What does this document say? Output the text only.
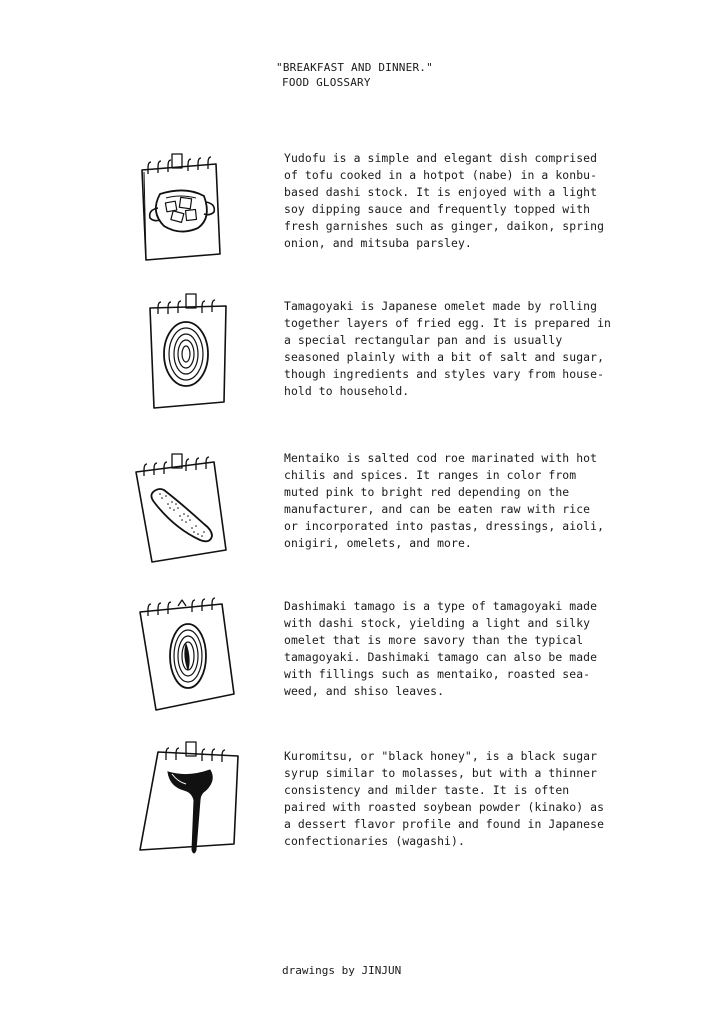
"BREAKFAST AND DINNER."
FOOD GLOSSARY
Yudofu is a simple and elegant dish comprised
of tofu cooked in a hotpot (nabe) in a konbu-
based dashi stock. It is enjoyed with a light
soy dipping sauce and frequently topped with
fresh garnishes such as ginger, daikon, spring
onion, and mitsuba parsley.
Tamagoyaki is Japanese omelet made by rolling
together layers of fried egg. It is prepared in
a special rectangular pan and is usually
seasoned plainly with a bit of salt and sugar,
though ingredients and styles vary from house-
hold to household.
Mentaiko is salted cod roe marinated with hot
chilis and spices. It ranges in color from
muted pink to bright red depending on the
manufacturer, and can be eaten raw with rice
or incorporated into pastas, dressings, aioli,
onigiri, omelets, and more.
Dashimaki tamago is a type of tamagoyaki made
with dashi stock, yielding a light and silky
omelet that is more savory than the typical
tamagoyaki. Dashimaki tamago can also be made
with fillings such as mentaiko, roasted sea-
weed, and shiso leaves.
Kuromitsu, or "black honey", is a black sugar
syrup similar to molasses, but with a thinner
consistency and milder taste. It is often
paired with roasted soybean powder (kinako) as
a dessert flavor profile and found in Japanese
confectionaries (wagashi).
drawings by JINJUN
